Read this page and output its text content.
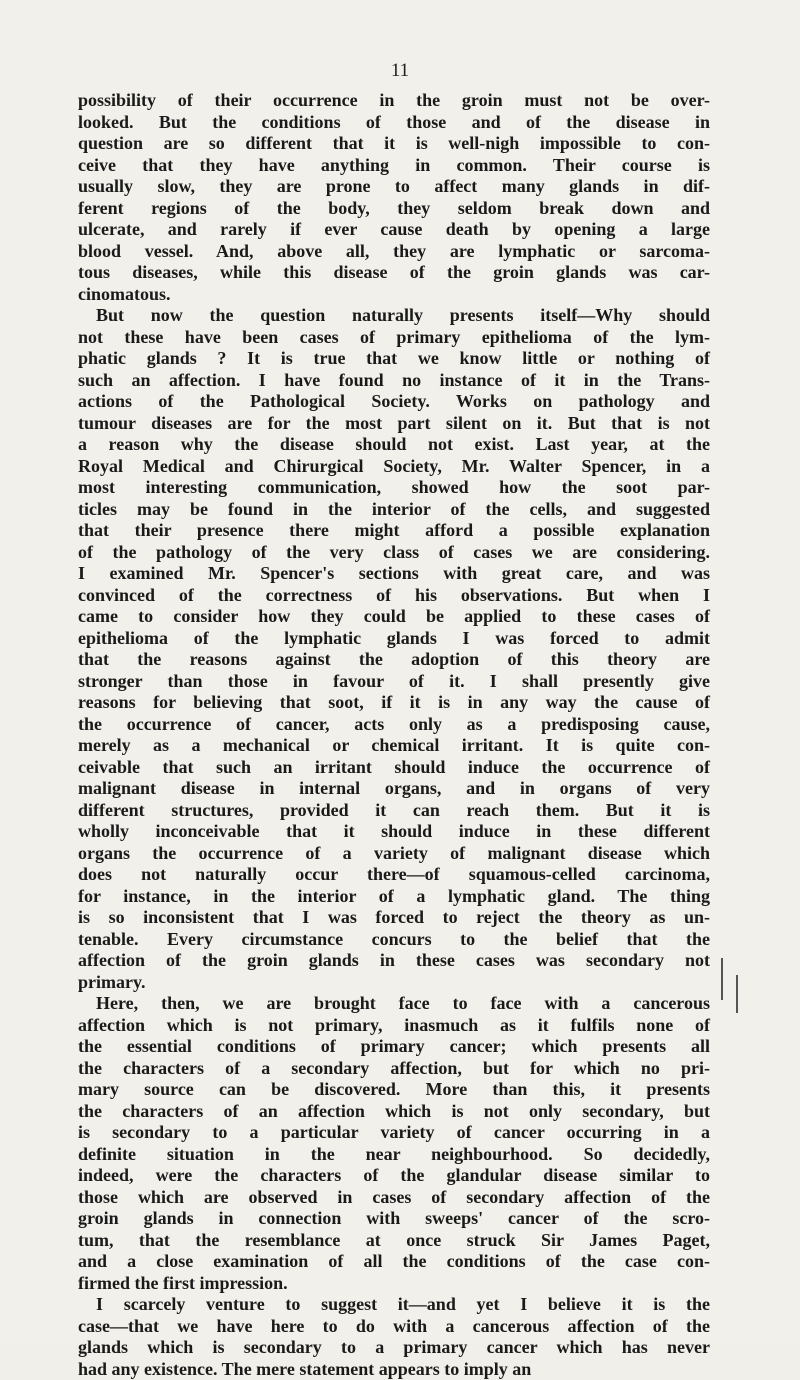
11
possibility of their occurrence in the groin must not be over-
looked. But the conditions of those and of the disease in
question are so different that it is well-nigh impossible to con-
ceive that they have anything in common. Their course is
usually slow, they are prone to affect many glands in dif-
ferent regions of the body, they seldom break down and
ulcerate, and rarely if ever cause death by opening a large
blood vessel. And, above all, they are lymphatic or sarcoma-
tous diseases, while this disease of the groin glands was car-
cinomatous.
But now the question naturally presents itself—Why should
not these have been cases of primary epithelioma of the lym-
phatic glands ? It is true that we know little or nothing of
such an affection. I have found no instance of it in the Trans-
actions of the Pathological Society. Works on pathology and
tumour diseases are for the most part silent on it. But that is not
a reason why the disease should not exist. Last year, at the
Royal Medical and Chirurgical Society, Mr. Walter Spencer, in a
most interesting communication, showed how the soot par-
ticles may be found in the interior of the cells, and suggested
that their presence there might afford a possible explanation
of the pathology of the very class of cases we are considering.
I examined Mr. Spencer's sections with great care, and was
convinced of the correctness of his observations. But when I
came to consider how they could be applied to these cases of
epithelioma of the lymphatic glands I was forced to admit
that the reasons against the adoption of this theory are
stronger than those in favour of it. I shall presently give
reasons for believing that soot, if it is in any way the cause of
the occurrence of cancer, acts only as a predisposing cause,
merely as a mechanical or chemical irritant. It is quite con-
ceivable that such an irritant should induce the occurrence of
malignant disease in internal organs, and in organs of very
different structures, provided it can reach them. But it is
wholly inconceivable that it should induce in these different
organs the occurrence of a variety of malignant disease which
does not naturally occur there—of squamous-celled carcinoma,
for instance, in the interior of a lymphatic gland. The thing
is so inconsistent that I was forced to reject the theory as un-
tenable. Every circumstance concurs to the belief that the
affection of the groin glands in these cases was secondary not
primary.
Here, then, we are brought face to face with a cancerous
affection which is not primary, inasmuch as it fulfils none of
the essential conditions of primary cancer; which presents all
the characters of a secondary affection, but for which no pri-
mary source can be discovered. More than this, it presents
the characters of an affection which is not only secondary, but
is secondary to a particular variety of cancer occurring in a
definite situation in the near neighbourhood. So decidedly,
indeed, were the characters of the glandular disease similar to
those which are observed in cases of secondary affection of the
groin glands in connection with sweeps' cancer of the scro-
tum, that the resemblance at once struck Sir James Paget,
and a close examination of all the conditions of the case con-
firmed the first impression.
I scarcely venture to suggest it—and yet I believe it is the
case—that we have here to do with a cancerous affection of the
glands which is secondary to a primary cancer which has never
had any existence. The mere statement appears to imply an
